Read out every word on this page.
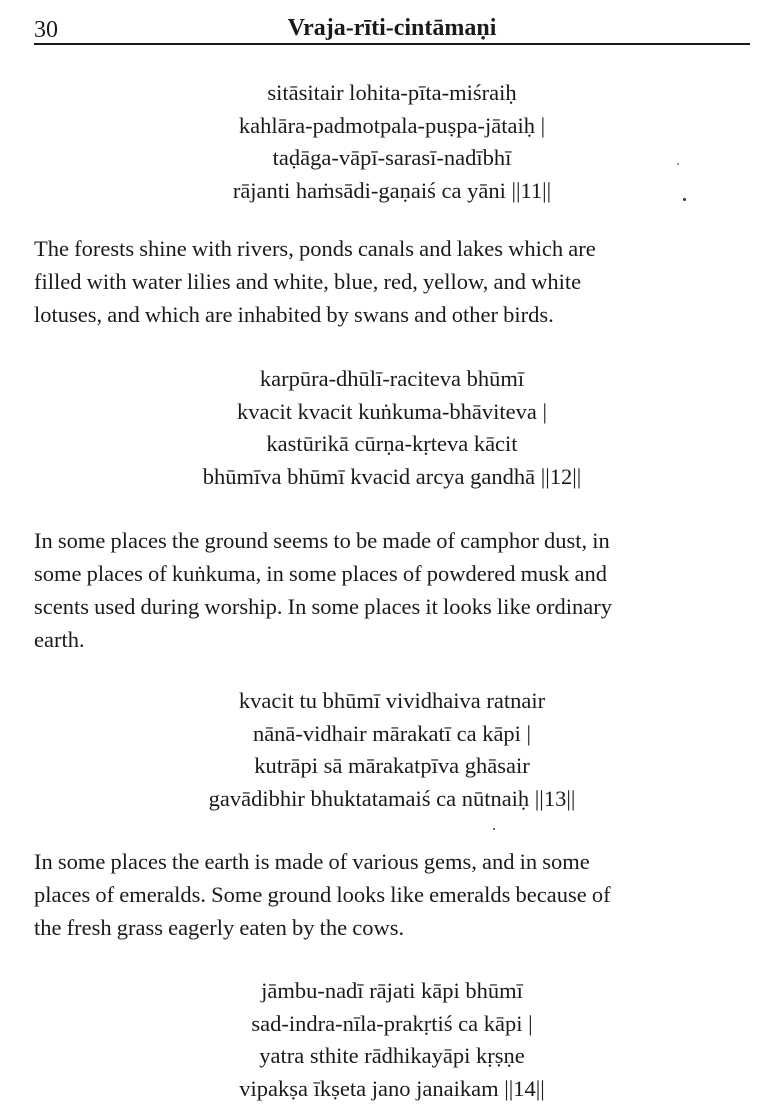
30	Vraja-rīti-cintāmaṇi
sitāsitair lohita-pīta-miśraiḥ
kahlāra-padmotpala-puṣpa-jātaiḥ |
taḍāga-vāpī-sarasī-nadībhī
rājanti haṁsādi-gaṇaiś ca yāni ||11||
The forests shine with rivers, ponds canals and lakes which are
filled with water lilies and white, blue, red, yellow, and white
lotuses, and which are inhabited by swans and other birds.
karpūra-dhūlī-raciteva bhūmī
kvacit kvacit kuṅkuma-bhāviteva |
kastūrikā cūrṇa-kṛteva kācit
bhūmīva bhūmī kvacid arcya gandhā ||12||
In some places the ground seems to be made of camphor dust, in
some places of kuṅkuma, in some places of powdered musk and
scents used during worship. In some places it looks like ordinary
earth.
kvacit tu bhūmī vividhaiva ratnair
nānā-vidhair mārakatī ca kāpi |
kutrāpi sā mārakatpīva ghāsair
gavādibhir bhuktatamaiś ca nūtnaiḥ ||13||
In some places the earth is made of various gems, and in some
places of emeralds. Some ground looks like emeralds because of
the fresh grass eagerly eaten by the cows.
jāmbu-nadī rājati kāpi bhūmī
sad-indra-nīla-prakṛtiś ca kāpi |
yatra sthite rādhikayāpi kṛṣṇe
vipakṣa īkṣeta jano janaikam ||14||
